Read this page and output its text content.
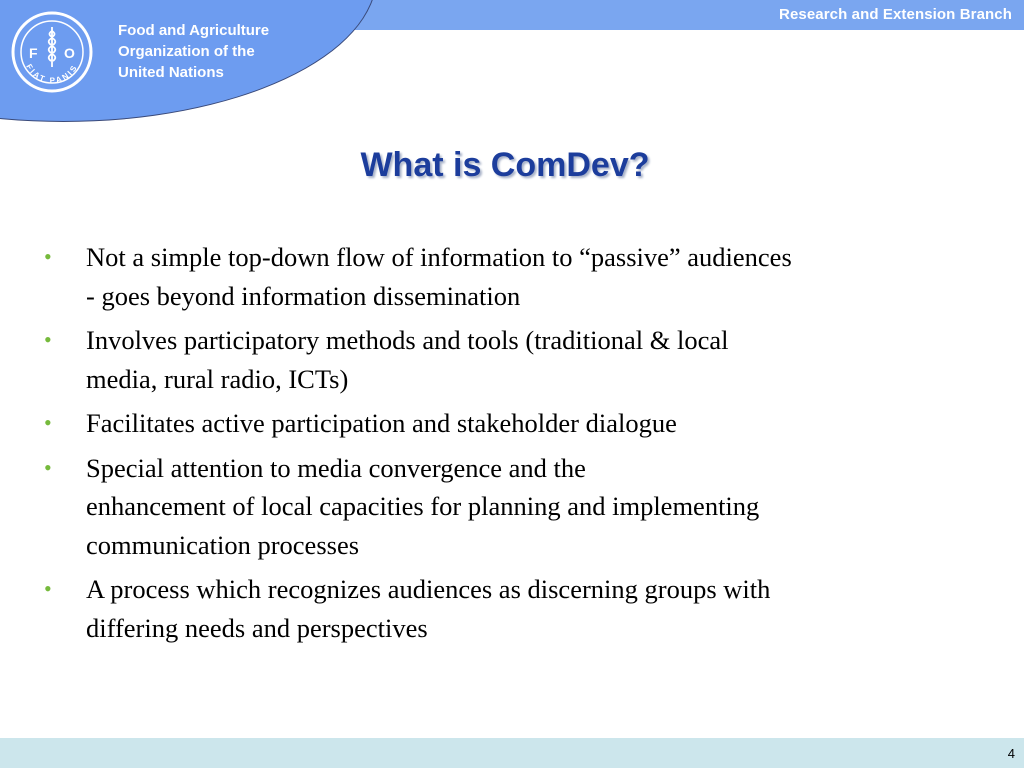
Research and Extension Branch
F O
FIAT PANIS
Food and Agriculture
Organization of the
United Nations
What is ComDev?
• Not a simple top-down flow of information to “passive” audiences
- goes beyond information dissemination
• Involves participatory methods and tools (traditional & local
media, rural radio, ICTs)
• Facilitates active participation and stakeholder dialogue
• Special attention to media convergence and the
enhancement of local capacities for planning and implementing
communication processes
• A process which recognizes audiences as discerning groups with
differing needs and perspectives
4
